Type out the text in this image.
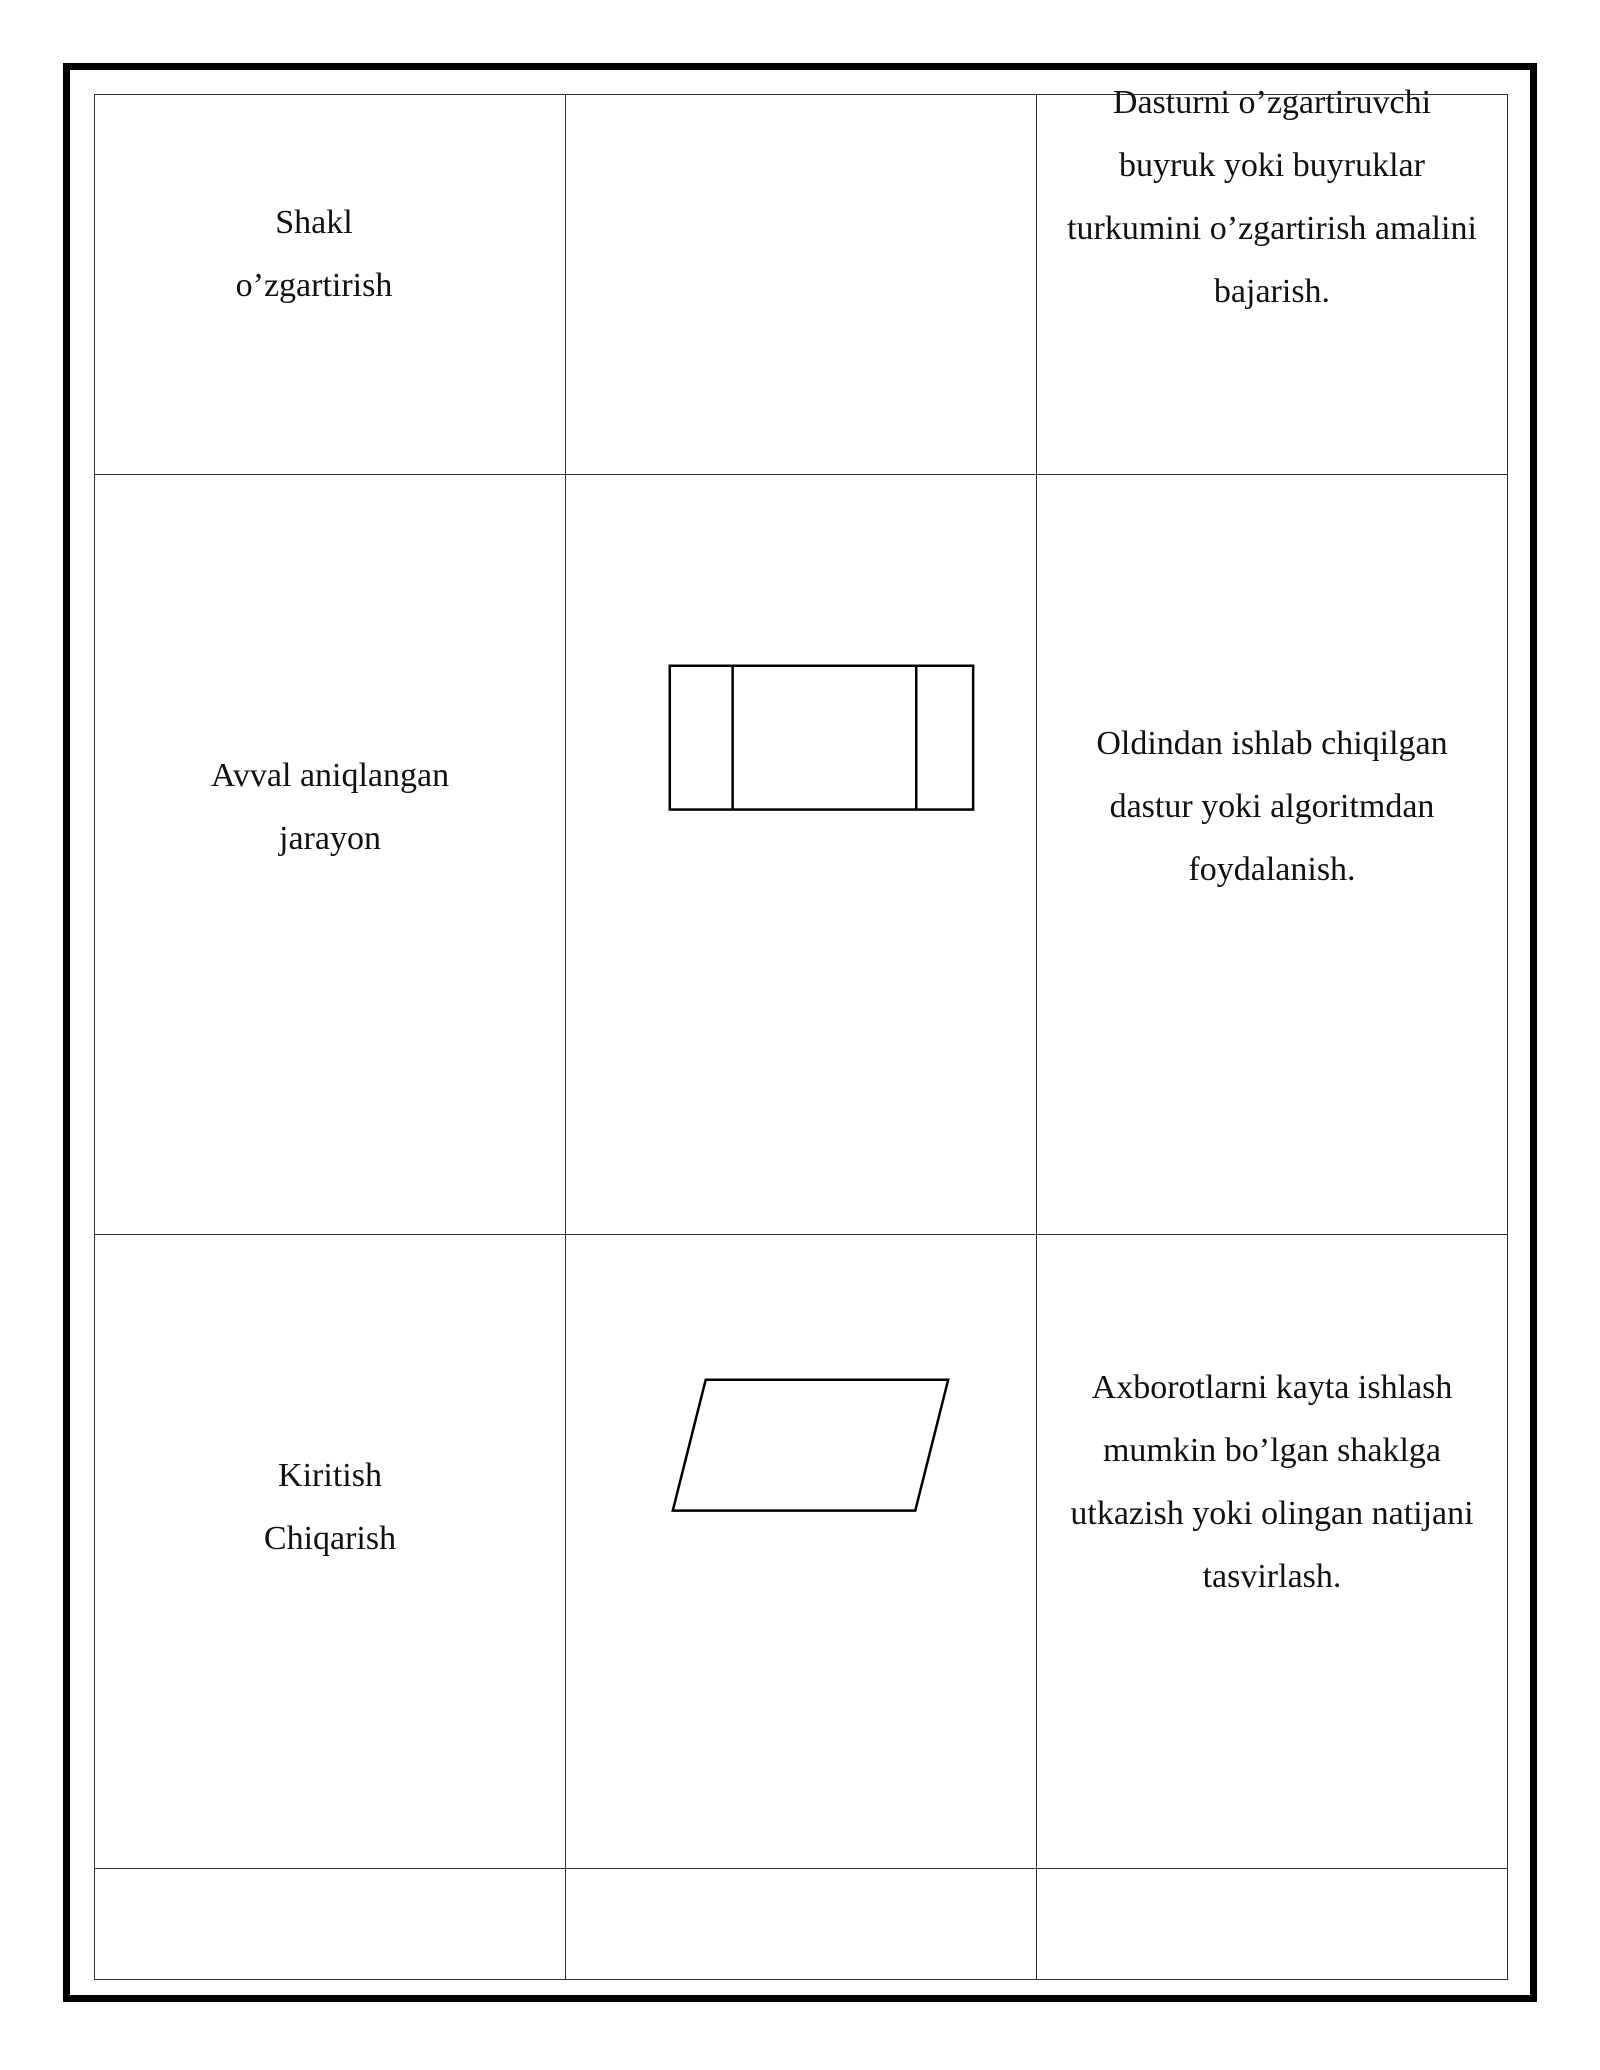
Shakl
o’zgartirish		Dasturni o’zgartiruvchi
buyruk yoki buyruklar
turkumini o’zgartirish amalini
bajarish.

Avval aniqlangan
jarayon		Oldindan ishlab chiqilgan
dastur yoki algoritmdan
foydalanish.

Kiritish
Chiqarish		Axborotlarni kayta ishlash
mumkin bo’lgan shaklga
utkazish yoki olingan natijani
tasvirlash.
